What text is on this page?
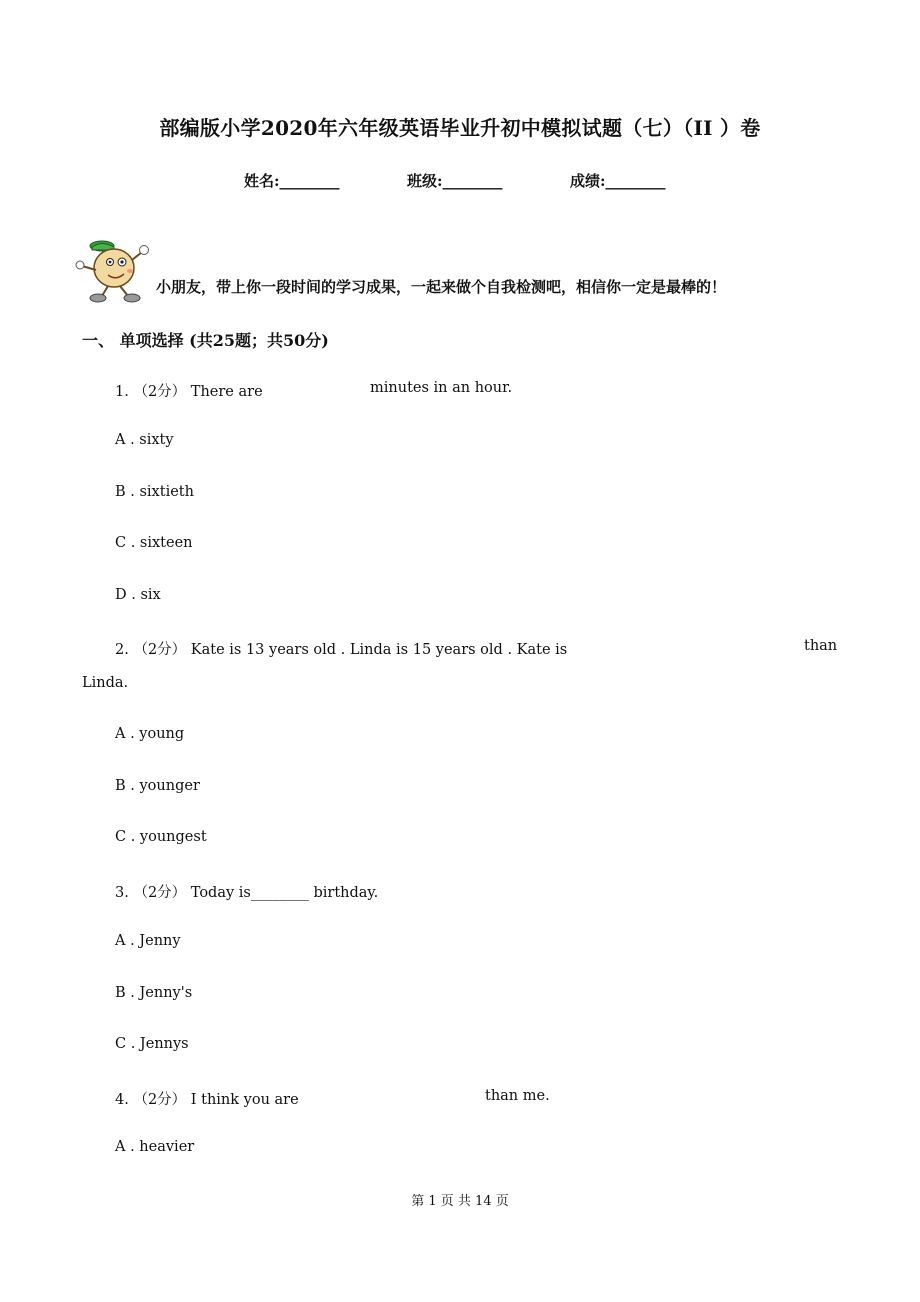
部编版小学2020年六年级英语毕业升初中模拟试题（七）（II ）卷
姓名:________	班级:________	成绩:________
小朋友，带上你一段时间的学习成果，一起来做个自我检测吧，相信你一定是最棒的！
一、 单项选择 (共25题；共50分)
1. （2分） There are	minutes in an hour.
A . sixty
B . sixtieth
C . sixteen
D . six
2. （2分） Kate is 13 years old . Linda is 15 years old . Kate is	than
Linda.
A . young
B . younger
C . youngest
3. （2分） Today is________ birthday.
A . Jenny
B . Jenny's
C . Jennys
4. （2分） I think you are	than me.
A . heavier
第 1 页 共 14 页
